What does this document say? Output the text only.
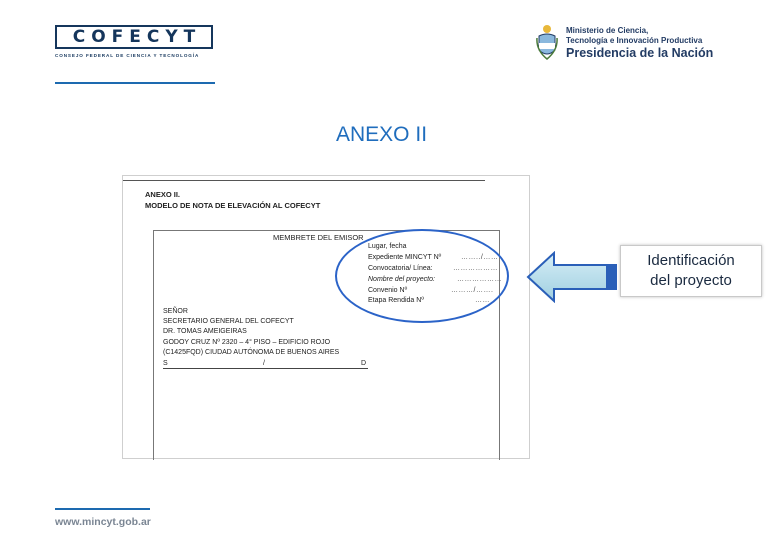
COFECYT
CONSEJO FEDERAL DE CIENCIA Y TECNOLOGÍA
Ministerio de Ciencia,
Tecnología e Innovación Productiva
Presidencia de la Nación
ANEXO II
ANEXO II.
MODELO DE NOTA DE ELEVACIÓN AL COFECYT
MEMBRETE DEL EMISOR
Lugar, fecha
Expediente MINCYT Nº	……../……
Convocatoria/ Línea:	………………
Nombre del proyecto:	………………
Convenio Nº	………/…….
Etapa Rendida Nº	……
SEÑOR
SECRETARIO GENERAL DEL COFECYT
DR. TOMAS AMEIGEIRAS
GODOY CRUZ Nº 2320 – 4° PISO – EDIFICIO ROJO
(C1425FQD) CIUDAD AUTÓNOMA DE BUENOS AIRES
S	/	D
Identificación
del proyecto
www.mincyt.gob.ar
